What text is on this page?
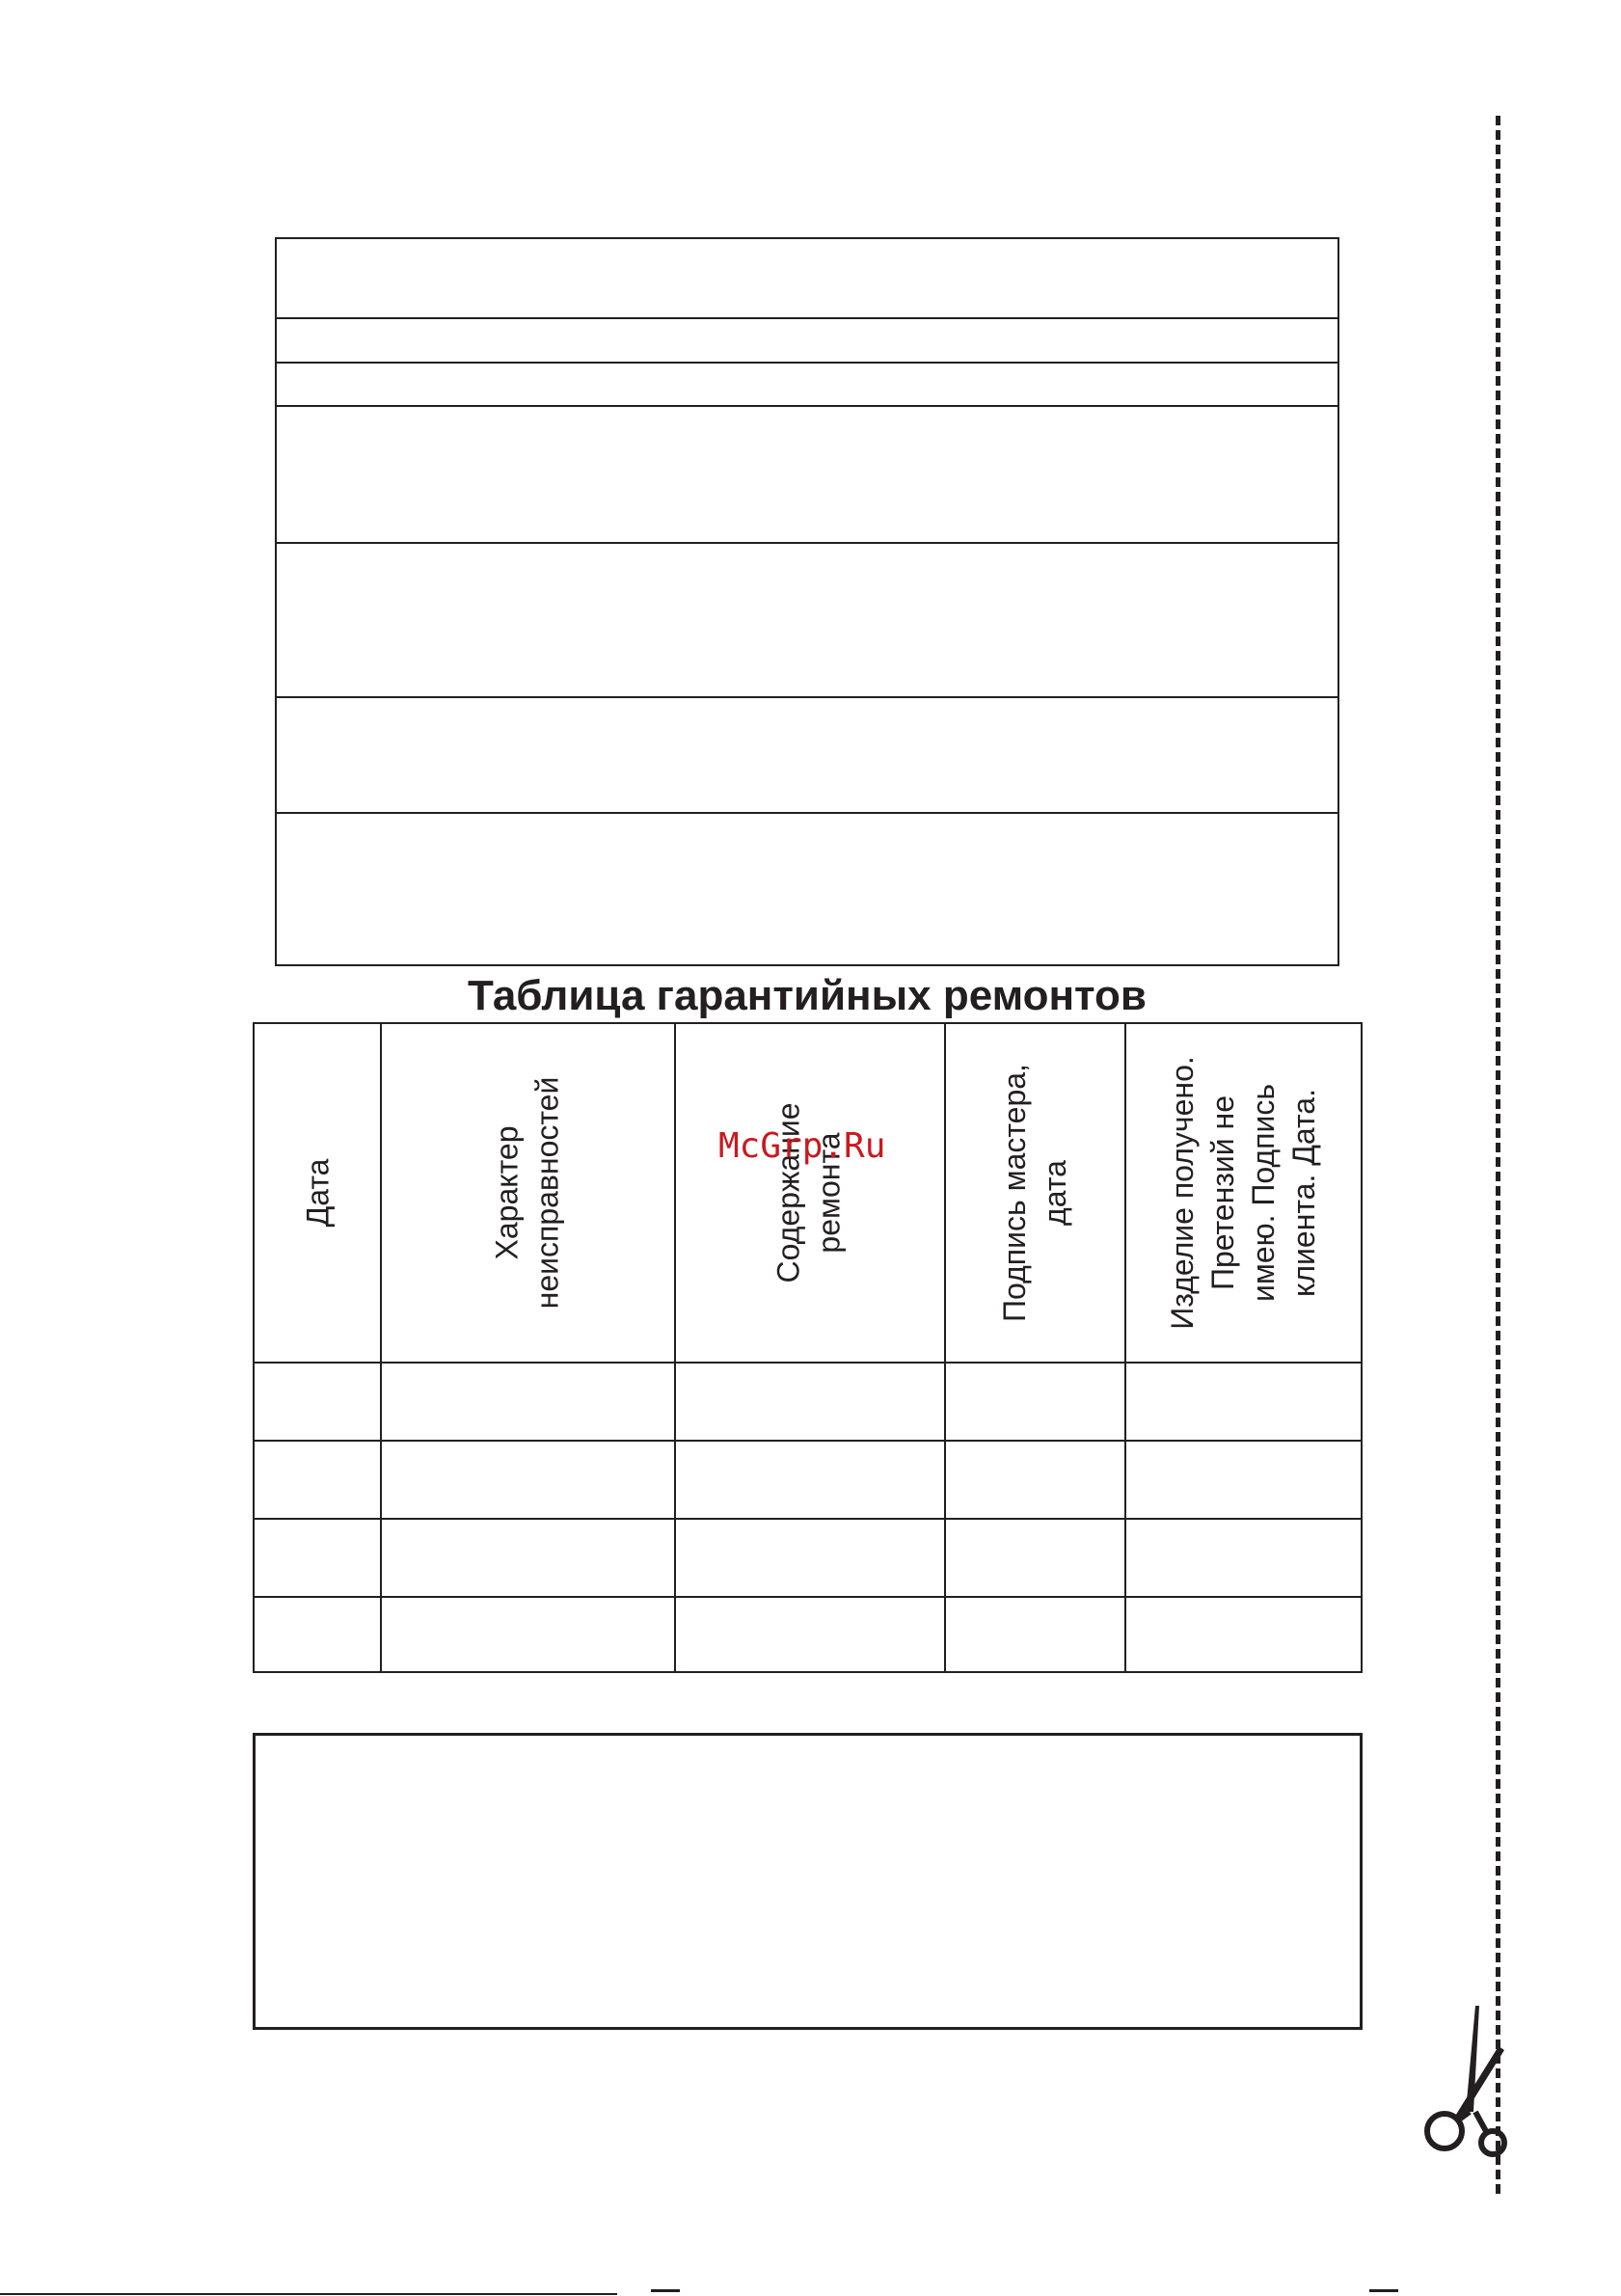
Таблица гарантийных ремонтов
Дата	Характер неисправностей	Содержание ремонта	Подпись мастера, дата	Изделие получено. Претензий не имею. Подпись клиента. Дата.
McGrp.Ru
